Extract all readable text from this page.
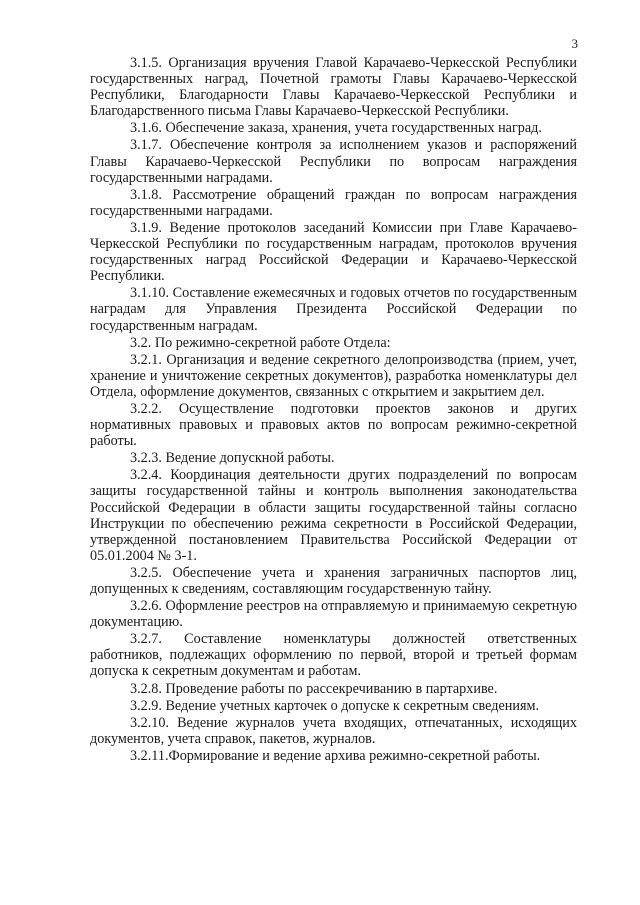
3

3.1.5. Организация вручения Главой Карачаево-Черкесской Республики государственных наград, Почетной грамоты Главы Карачаево-Черкесской Республики, Благодарности Главы Карачаево-Черкесской Республики и Благодарственного письма Главы Карачаево-Черкесской Республики.

3.1.6. Обеспечение заказа, хранения, учета государственных наград.

3.1.7. Обеспечение контроля за исполнением указов и распоряжений Главы Карачаево-Черкесской Республики по вопросам награждения государственными наградами.

3.1.8. Рассмотрение обращений граждан по вопросам награждения государственными наградами.

3.1.9. Ведение протоколов заседаний Комиссии при Главе Карачаево-Черкесской Республики по государственным наградам, протоколов вручения государственных наград Российской Федерации и Карачаево-Черкесской Республики.

3.1.10. Составление ежемесячных и годовых отчетов по государственным наградам для Управления Президента Российской Федерации по государственным наградам.

3.2. По режимно-секретной работе Отдела:

3.2.1. Организация и ведение секретного делопроизводства (прием, учет, хранение и уничтожение секретных документов), разработка номенклатуры дел Отдела, оформление документов, связанных с открытием и закрытием дел.

3.2.2. Осуществление подготовки проектов законов и других нормативных правовых и правовых актов по вопросам режимно-секретной работы.

3.2.3. Ведение допускной работы.

3.2.4. Координация деятельности других подразделений по вопросам защиты государственной тайны и контроль выполнения законодательства Российской Федерации в области защиты государственной тайны согласно Инструкции по обеспечению режима секретности в Российской Федерации, утвержденной постановлением Правительства Российской Федерации от 05.01.2004 № 3-1.

3.2.5. Обеспечение учета и хранения заграничных паспортов лиц, допущенных к сведениям, составляющим государственную тайну.

3.2.6. Оформление реестров на отправляемую и принимаемую секретную документацию.

3.2.7. Составление номенклатуры должностей ответственных работников, подлежащих оформлению по первой, второй и третьей формам допуска к секретным документам и работам.

3.2.8. Проведение работы по рассекречиванию в партархиве.

3.2.9. Ведение учетных карточек о допуске к секретным сведениям.

3.2.10. Ведение журналов учета входящих, отпечатанных, исходящих документов, учета справок, пакетов, журналов.

3.2.11.Формирование и ведение архива режимно-секретной работы.
